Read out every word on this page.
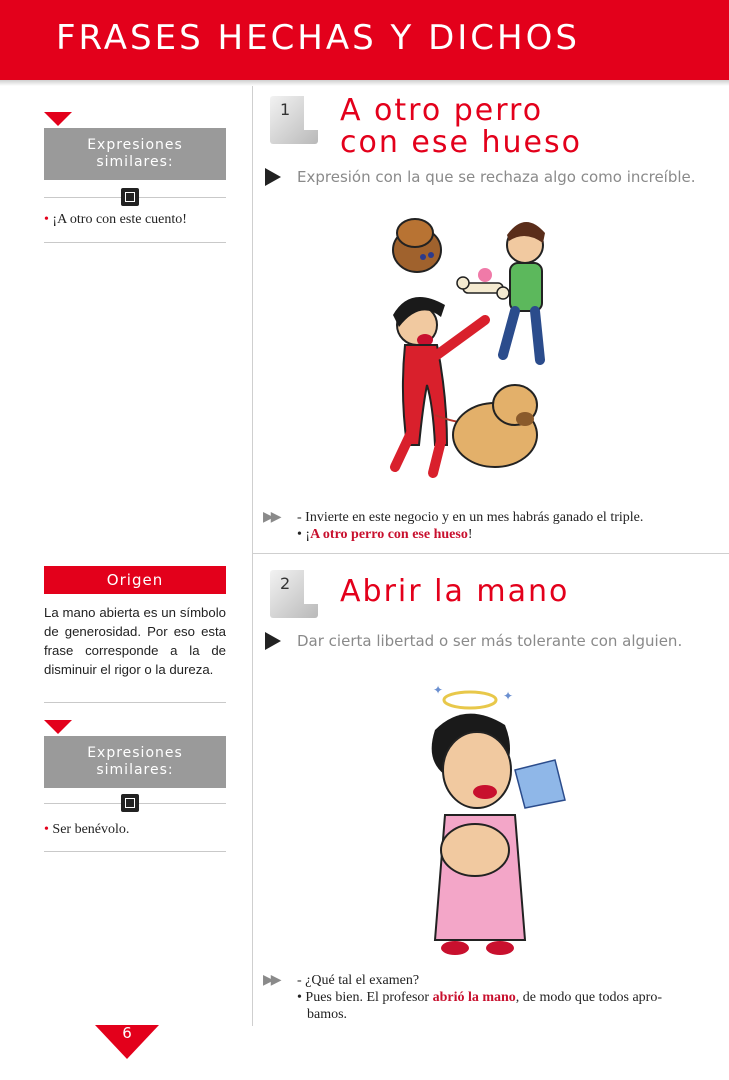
FRASES HECHAS Y DICHOS
Expresiones
similares:
• ¡A otro con este cuento!
Origen
La mano abierta es un símbolo de generosidad. Por eso esta frase corresponde a la de disminuir el rigor o la dureza.
Expresiones
similares:
• Ser benévolo.
1 A otro perro
con ese hueso
Expresión con la que se rechaza algo como increíble.
▶▶ - Invierte en este negocio y en un mes habrás ganado el triple.
• ¡A otro perro con ese hueso!
2 Abrir la mano
Dar cierta libertad o ser más tolerante con alguien.
✦	✦
▶▶ - ¿Qué tal el examen?
• Pues bien. El profesor abrió la mano, de modo que todos apro-
bamos.
6
